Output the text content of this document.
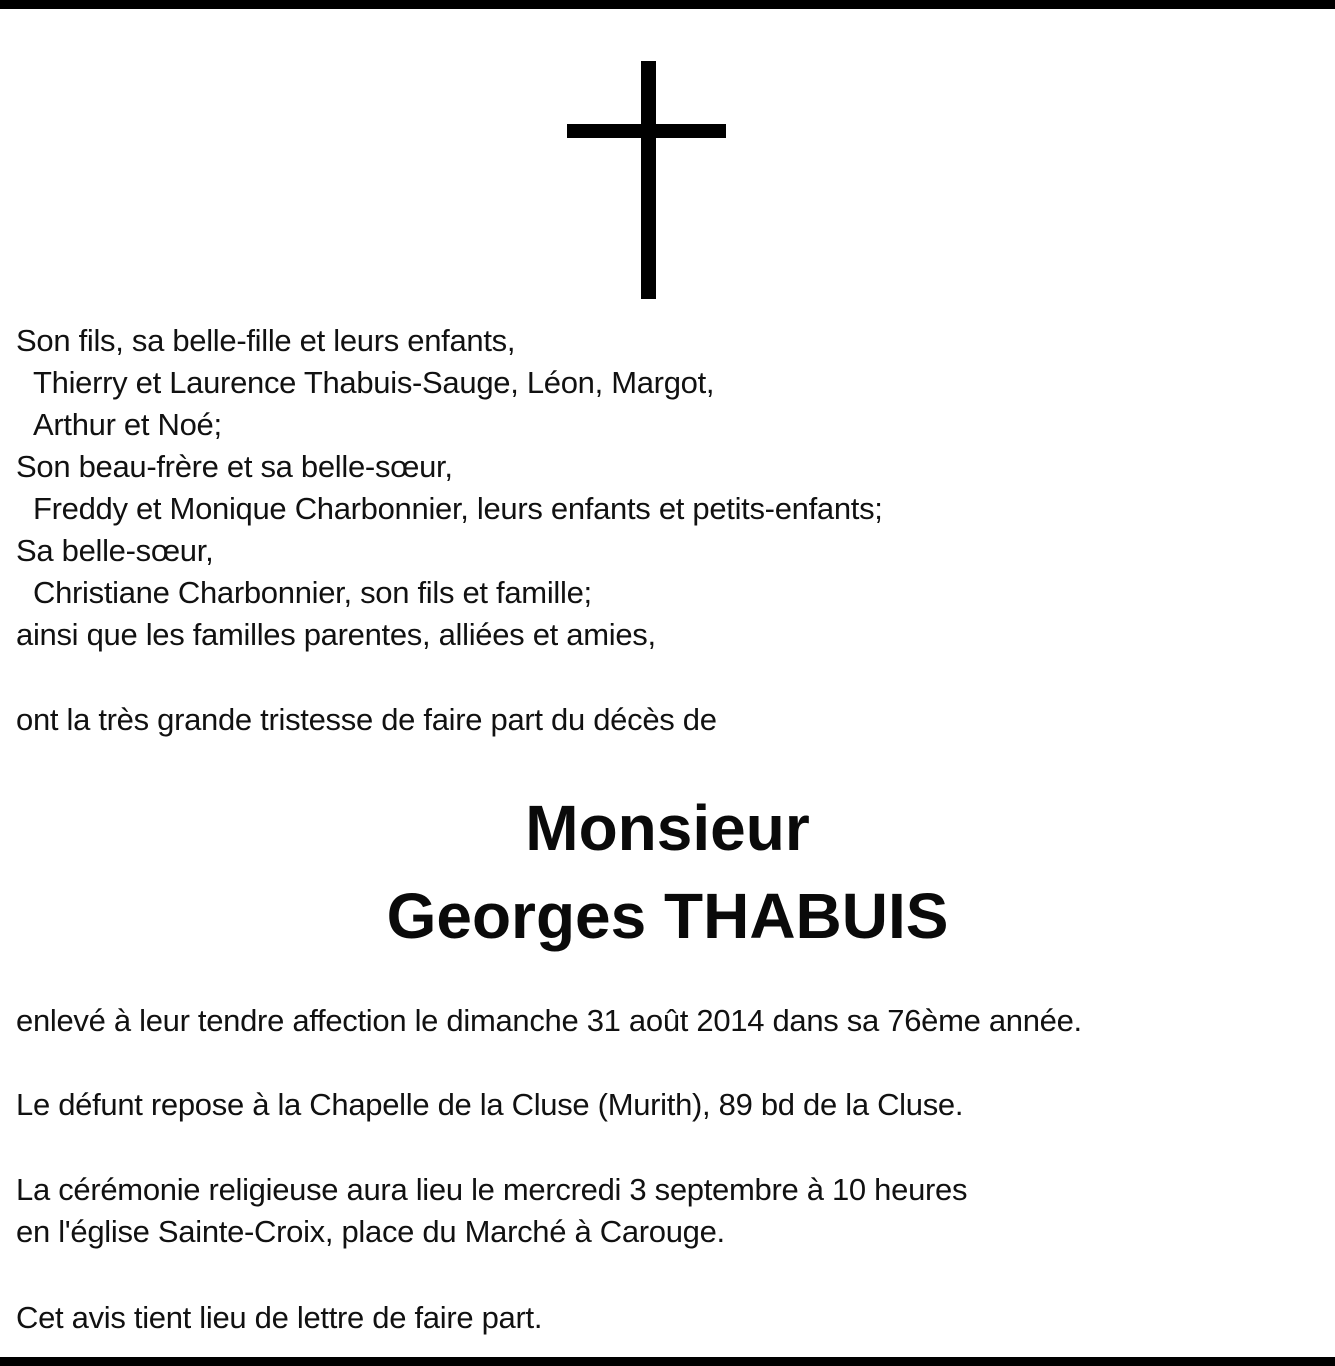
Son fils, sa belle-fille et leurs enfants,

Thierry et Laurence Thabuis-Sauge, Léon, Margot,

Arthur et Noé;

Son beau-frère et sa belle-sœur,

Freddy et Monique Charbonnier, leurs enfants et petits-enfants;

Sa belle-sœur,

Christiane Charbonnier, son fils et famille;

ainsi que les familles parentes, alliées et amies,

ont la très grande tristesse de faire part du décès de

Monsieur
Georges THABUIS

enlevé à leur tendre affection le dimanche 31 août 2014 dans sa 76ème année.

Le défunt repose à la Chapelle de la Cluse (Murith), 89 bd de la Cluse.

La cérémonie religieuse aura lieu le mercredi 3 septembre à 10 heures

en l'église Sainte-Croix, place du Marché à Carouge.

Cet avis tient lieu de lettre de faire part.
